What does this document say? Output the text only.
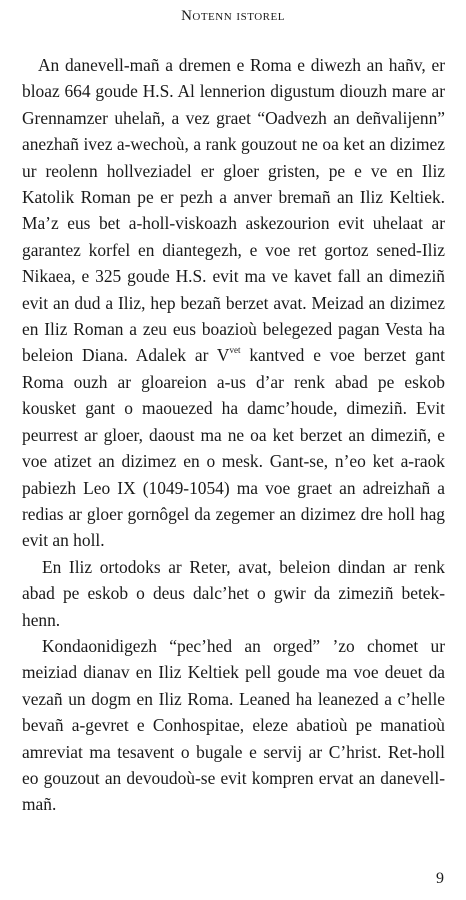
Notenn istorel

An danevell-mañ a dremen e Roma e diwezh an hañv, er bloaz 664 goude H.S. Al lennerion digustum diouzh mare ar Grennamzer uhelañ, a vez graet “Oadvezh an deñvalijenn” anezhañ ivez a-wechoù, a rank gouzout ne oa ket an dizimez ur reolenn hollveziadel er gloer gristen, pe e ve en Iliz Katolik Roman pe er pezh a anver bremañ an Iliz Keltiek. Ma’z eus bet a-holl-viskoazh askezourion evit uhelaat ar garantez korfel en diantegezh, e voe ret gortoz sened-Iliz Nikaea, e 325 goude H.S. evit ma ve kavet fall an dimeziñ evit an dud a Iliz, hep bezañ berzet avat. Meizad an dizimez en Iliz Roman a zeu eus boazioù belegezed pagan Vesta ha beleion Diana. Adalek ar $V^{vet}$ kantved e voe berzet gant Roma ouzh ar gloareion a-us d’ar renk abad pe eskob kousket gant o maouezed ha damc’houde, dimeziñ. Evit peurrest ar gloer, daoust ma ne oa ket berzet an dimeziñ, e voe atizet an dizimez en o mesk. Gant-se, n’eo ket a-raok pabiezh Leo IX (1049-1054) ma voe graet an adreizhañ a redias ar gloer gornôgel da zegemer an dizimez dre holl hag evit an holl.

En Iliz ortodoks ar Reter, avat, beleion dindan ar renk abad pe eskob o deus dalc’het o gwir da zimeziñ betek-henn.

Kondaonidigezh “pec’hed an orged” ’zo chomet ur meiziad dianav en Iliz Keltiek pell goude ma voe deuet da vezañ un dogm en Iliz Roma. Leaned ha leanezed a c’helle bevañ a-gevret e Conhospitae, eleze abatioù pe manatioù amreviat ma tesavent o bugale e servij ar C’hrist. Ret-holl eo gouzout an devoudoù-se evit kompren ervat an danevell-mañ.

9
